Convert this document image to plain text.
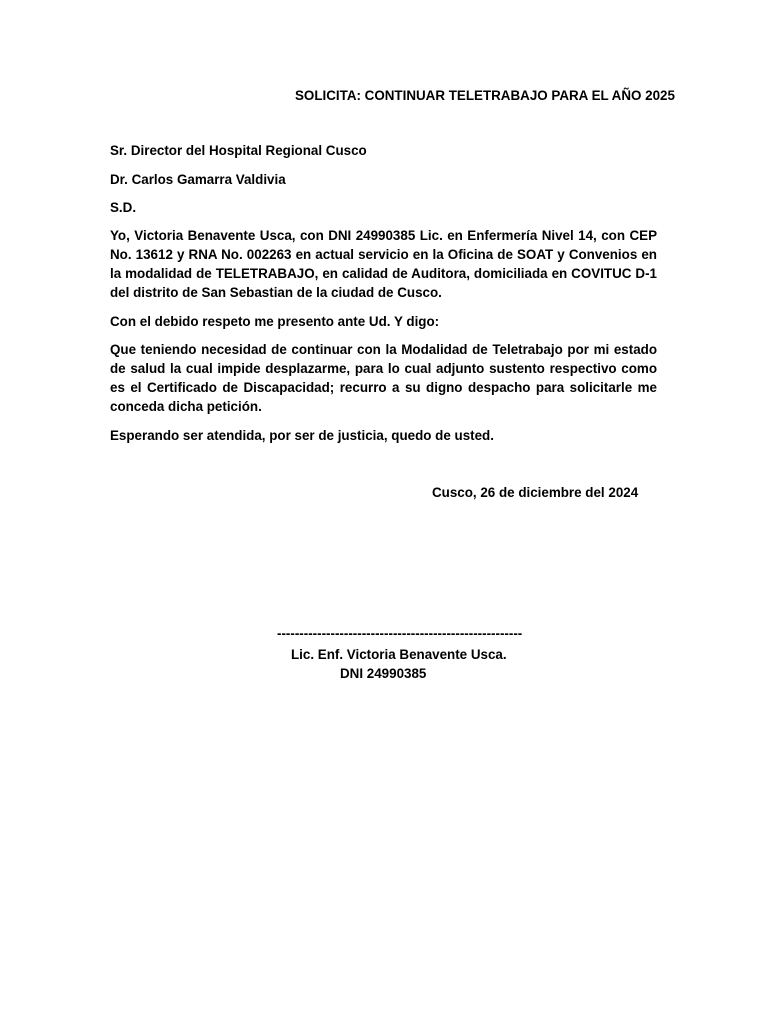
SOLICITA: CONTINUAR TELETRABAJO PARA EL AÑO 2025

Sr. Director del Hospital Regional Cusco

Dr. Carlos Gamarra Valdivia

S.D.

Yo, Victoria Benavente Usca, con DNI 24990385 Lic. en Enfermería Nivel 14, con CEP No. 13612 y RNA No. 002263 en actual servicio en la Oficina de SOAT y Convenios en la modalidad de TELETRABAJO, en calidad de Auditora, domiciliada en COVITUC D-1 del distrito de San Sebastian de la ciudad de Cusco.

Con el debido respeto me presento ante Ud. Y digo:

Que teniendo necesidad de continuar con la Modalidad de Teletrabajo por mi estado de salud la cual impide desplazarme, para lo cual adjunto sustento respectivo como es el Certificado de Discapacidad; recurro a su digno despacho para solicitarle me conceda dicha petición.

Esperando ser atendida, por ser de justicia, quedo de usted.

Cusco, 26 de diciembre del 2024

-------------------------------------------------------

Lic. Enf. Victoria Benavente Usca.

DNI 24990385
